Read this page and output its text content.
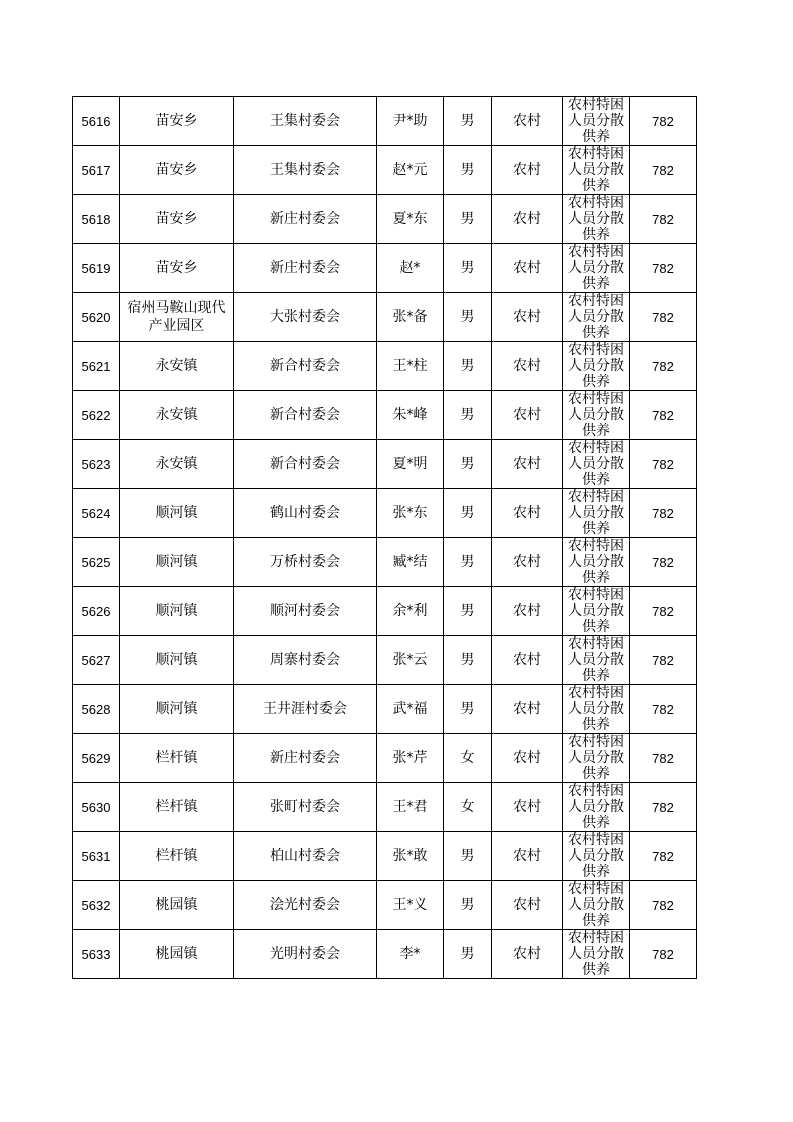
5616	苗安乡	王集村委会	尹*助	男	农村	农村特困人员分散供养	782
5617	苗安乡	王集村委会	赵*元	男	农村	农村特困人员分散供养	782
5618	苗安乡	新庄村委会	夏*东	男	农村	农村特困人员分散供养	782
5619	苗安乡	新庄村委会	赵*	男	农村	农村特困人员分散供养	782
5620	宿州马鞍山现代产业园区	大张村委会	张*备	男	农村	农村特困人员分散供养	782
5621	永安镇	新合村委会	王*柱	男	农村	农村特困人员分散供养	782
5622	永安镇	新合村委会	朱*峰	男	农村	农村特困人员分散供养	782
5623	永安镇	新合村委会	夏*明	男	农村	农村特困人员分散供养	782
5624	顺河镇	鹤山村委会	张*东	男	农村	农村特困人员分散供养	782
5625	顺河镇	万桥村委会	臧*结	男	农村	农村特困人员分散供养	782
5626	顺河镇	顺河村委会	余*利	男	农村	农村特困人员分散供养	782
5627	顺河镇	周寨村委会	张*云	男	农村	农村特困人员分散供养	782
5628	顺河镇	王井涯村委会	武*福	男	农村	农村特困人员分散供养	782
5629	栏杆镇	新庄村委会	张*芹	女	农村	农村特困人员分散供养	782
5630	栏杆镇	张町村委会	王*君	女	农村	农村特困人员分散供养	782
5631	栏杆镇	柏山村委会	张*敢	男	农村	农村特困人员分散供养	782
5632	桃园镇	浍光村委会	王*义	男	农村	农村特困人员分散供养	782
5633	桃园镇	光明村委会	李*	男	农村	农村特困人员分散供养	782
